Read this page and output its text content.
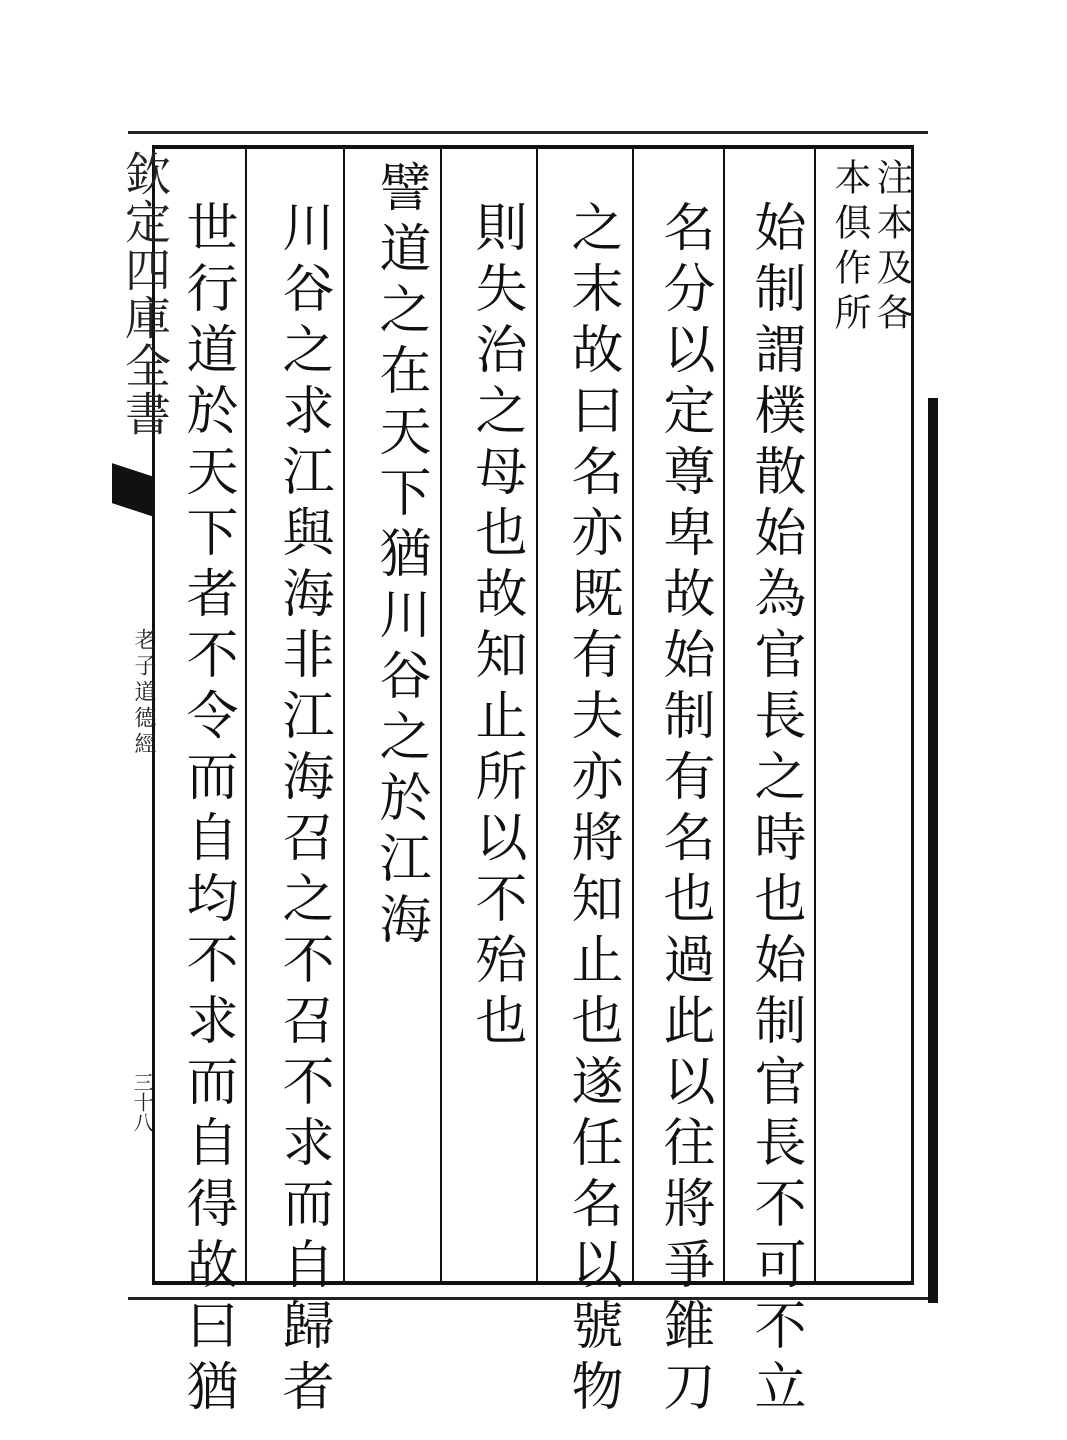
欽定四庫全書
老子道德經
三十八
注本及各
本俱作所
始制謂樸散始為官長之時也始制官長不可不立
名分以定尊卑故始制有名也過此以往將爭錐刀
之末故曰名亦既有夫亦將知止也遂任名以號物
則失治之母也故知止所以不殆也
譬道之在天下猶川谷之於江海
川谷之求江與海非江海召之不召不求而自歸者
世行道於天下者不令而自均不求而自得故曰猶
